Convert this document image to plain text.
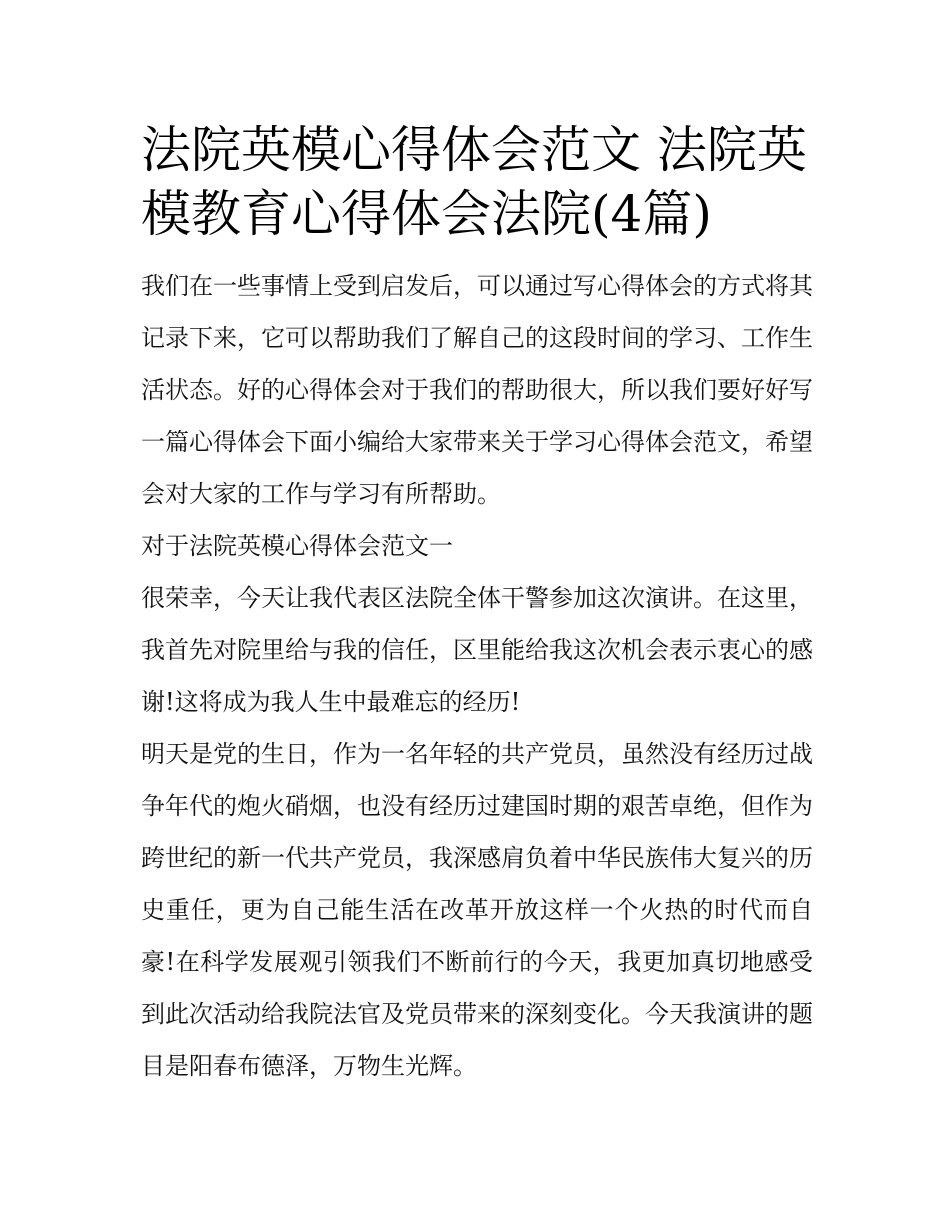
法院英模心得体会范文 法院英模教育心得体会法院(4篇)

我们在一些事情上受到启发后，可以通过写心得体会的方式将其记录下来，它可以帮助我们了解自己的这段时间的学习、工作生活状态。好的心得体会对于我们的帮助很大，所以我们要好好写一篇心得体会下面小编给大家带来关于学习心得体会范文，希望会对大家的工作与学习有所帮助。

对于法院英模心得体会范文一

很荣幸，今天让我代表区法院全体干警参加这次演讲。在这里，我首先对院里给与我的信任，区里能给我这次机会表示衷心的感谢!这将成为我人生中最难忘的经历!

明天是党的生日，作为一名年轻的共产党员，虽然没有经历过战争年代的炮火硝烟，也没有经历过建国时期的艰苦卓绝，但作为跨世纪的新一代共产党员，我深感肩负着中华民族伟大复兴的历史重任，更为自己能生活在改革开放这样一个火热的时代而自豪!在科学发展观引领我们不断前行的今天，我更加真切地感受到此次活动给我院法官及党员带来的深刻变化。今天我演讲的题目是阳春布德泽，万物生光辉。
